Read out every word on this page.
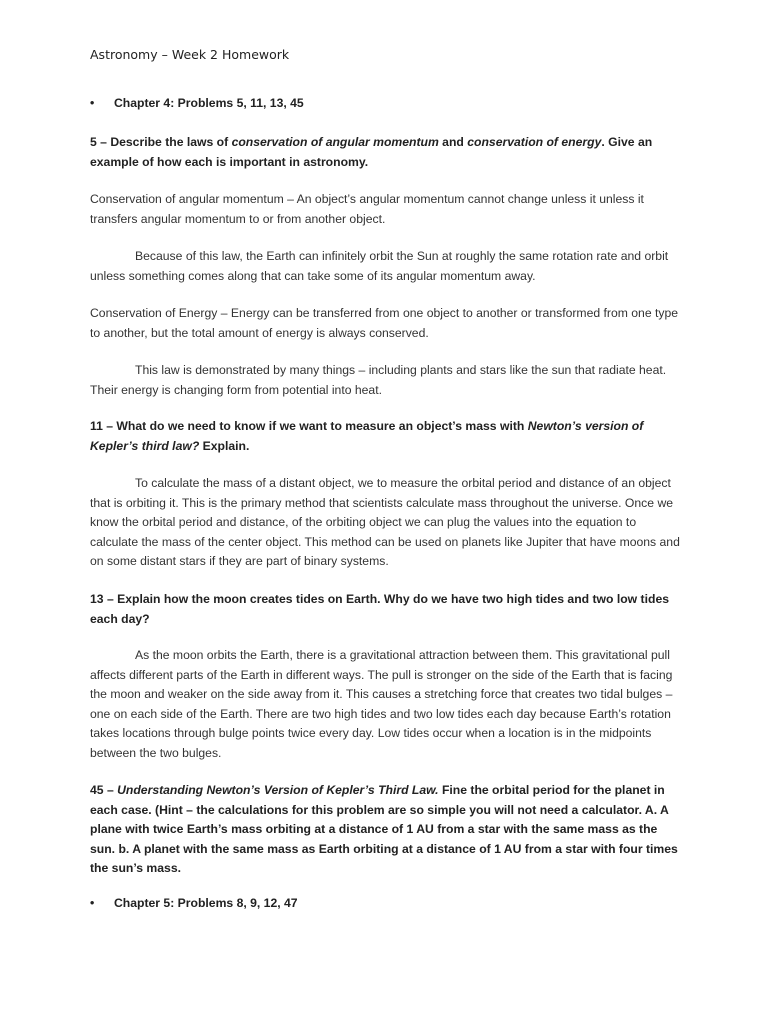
Astronomy – Week 2 Homework
• Chapter 4: Problems 5, 11, 13, 45
5 – Describe the laws of conservation of angular momentum and conservation of energy. Give an example of how each is important in astronomy.

Conservation of angular momentum – An object’s angular momentum cannot change unless it unless it transfers angular momentum to or from another object.

Because of this law, the Earth can infinitely orbit the Sun at roughly the same rotation rate and orbit unless something comes along that can take some of its angular momentum away.

Conservation of Energy – Energy can be transferred from one object to another or transformed from one type to another, but the total amount of energy is always conserved.

This law is demonstrated by many things – including plants and stars like the sun that radiate heat. Their energy is changing form from potential into heat.

11 – What do we need to know if we want to measure an object’s mass with Newton’s version of Kepler’s third law? Explain.

To calculate the mass of a distant object, we to measure the orbital period and distance of an object that is orbiting it. This is the primary method that scientists calculate mass throughout the universe. Once we know the orbital period and distance, of the orbiting object we can plug the values into the equation to calculate the mass of the center object. This method can be used on planets like Jupiter that have moons and on some distant stars if they are part of binary systems.

13 – Explain how the moon creates tides on Earth. Why do we have two high tides and two low tides each day?

As the moon orbits the Earth, there is a gravitational attraction between them. This gravitational pull affects different parts of the Earth in different ways. The pull is stronger on the side of the Earth that is facing the moon and weaker on the side away from it. This causes a stretching force that creates two tidal bulges – one on each side of the Earth. There are two high tides and two low tides each day because Earth’s rotation takes locations through bulge points twice every day. Low tides occur when a location is in the midpoints between the two bulges.

45 – Understanding Newton’s Version of Kepler’s Third Law. Fine the orbital period for the planet in each case. (Hint – the calculations for this problem are so simple you will not need a calculator. A. A plane with twice Earth’s mass orbiting at a distance of 1 AU from a star with the same mass as the sun. b. A planet with the same mass as Earth orbiting at a distance of 1 AU from a star with four times the sun’s mass.
• Chapter 5: Problems 8, 9, 12, 47
